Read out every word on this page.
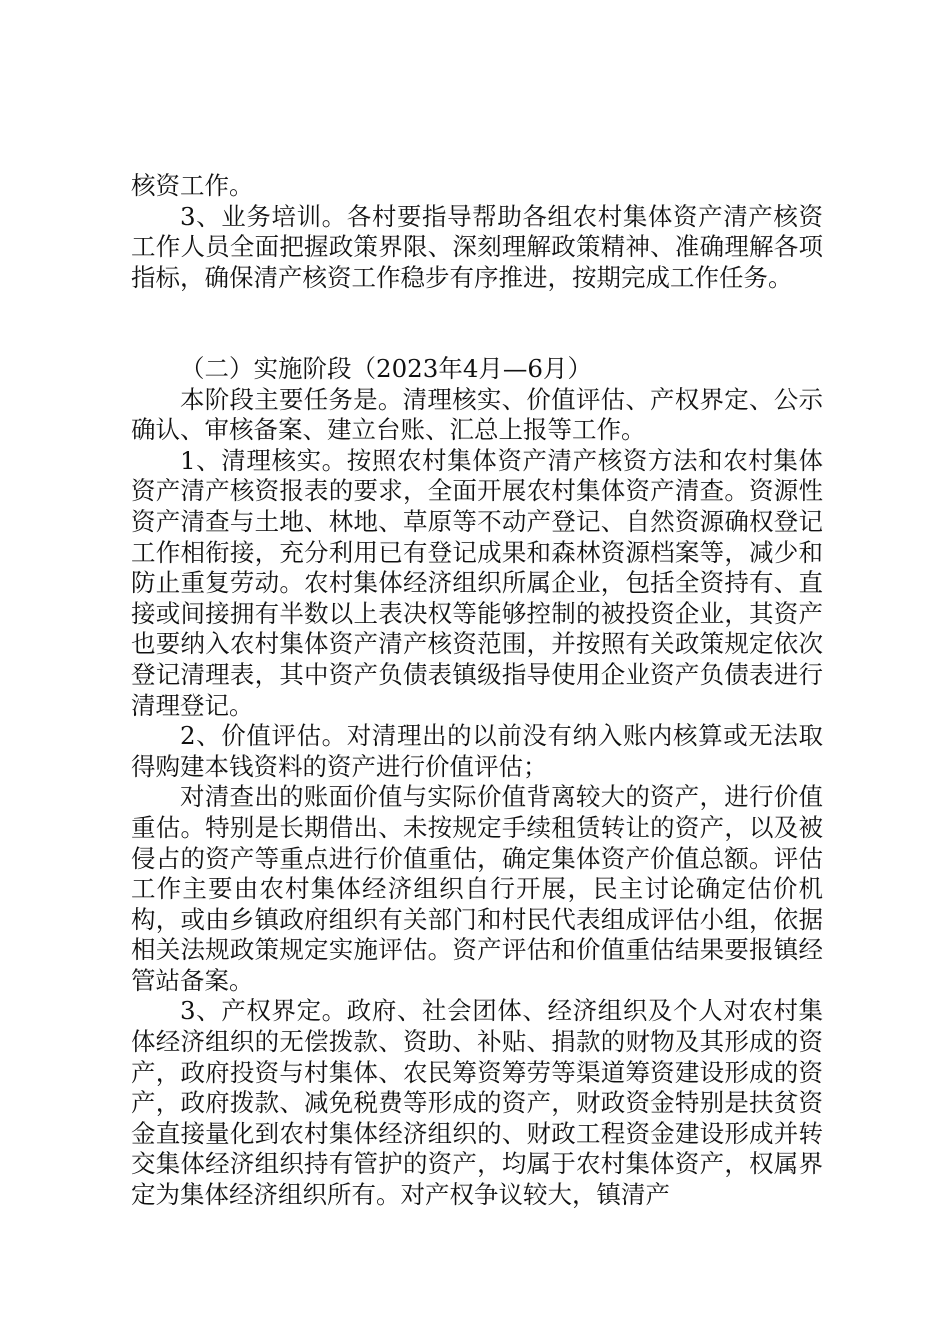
核资工作。

3、业务培训。各村要指导帮助各组农村集体资产清产核资工作人员全面把握政策界限、深刻理解政策精神、准确理解各项指标，确保清产核资工作稳步有序推进，按期完成工作任务。

（二）实施阶段（2023年4月—6月）

本阶段主要任务是。清理核实、价值评估、产权界定、公示确认、审核备案、建立台账、汇总上报等工作。

1、清理核实。按照农村集体资产清产核资方法和农村集体资产清产核资报表的要求，全面开展农村集体资产清查。资源性资产清查与土地、林地、草原等不动产登记、自然资源确权登记工作相衔接，充分利用已有登记成果和森林资源档案等，减少和防止重复劳动。农村集体经济组织所属企业，包括全资持有、直接或间接拥有半数以上表决权等能够控制的被投资企业，其资产也要纳入农村集体资产清产核资范围，并按照有关政策规定依次登记清理表，其中资产负债表镇级指导使用企业资产负债表进行清理登记。

2、价值评估。对清理出的以前没有纳入账内核算或无法取得购建本钱资料的资产进行价值评估；

对清查出的账面价值与实际价值背离较大的资产，进行价值重估。特别是长期借出、未按规定手续租赁转让的资产，以及被侵占的资产等重点进行价值重估，确定集体资产价值总额。评估工作主要由农村集体经济组织自行开展，民主讨论确定估价机构，或由乡镇政府组织有关部门和村民代表组成评估小组，依据相关法规政策规定实施评估。资产评估和价值重估结果要报镇经管站备案。

3、产权界定。政府、社会团体、经济组织及个人对农村集体经济组织的无偿拨款、资助、补贴、捐款的财物及其形成的资产，政府投资与村集体、农民筹资筹劳等渠道筹资建设形成的资产，政府拨款、减免税费等形成的资产，财政资金特别是扶贫资金直接量化到农村集体经济组织的、财政工程资金建设形成并转交集体经济组织持有管护的资产，均属于农村集体资产，权属界定为集体经济组织所有。对产权争议较大，镇清产
